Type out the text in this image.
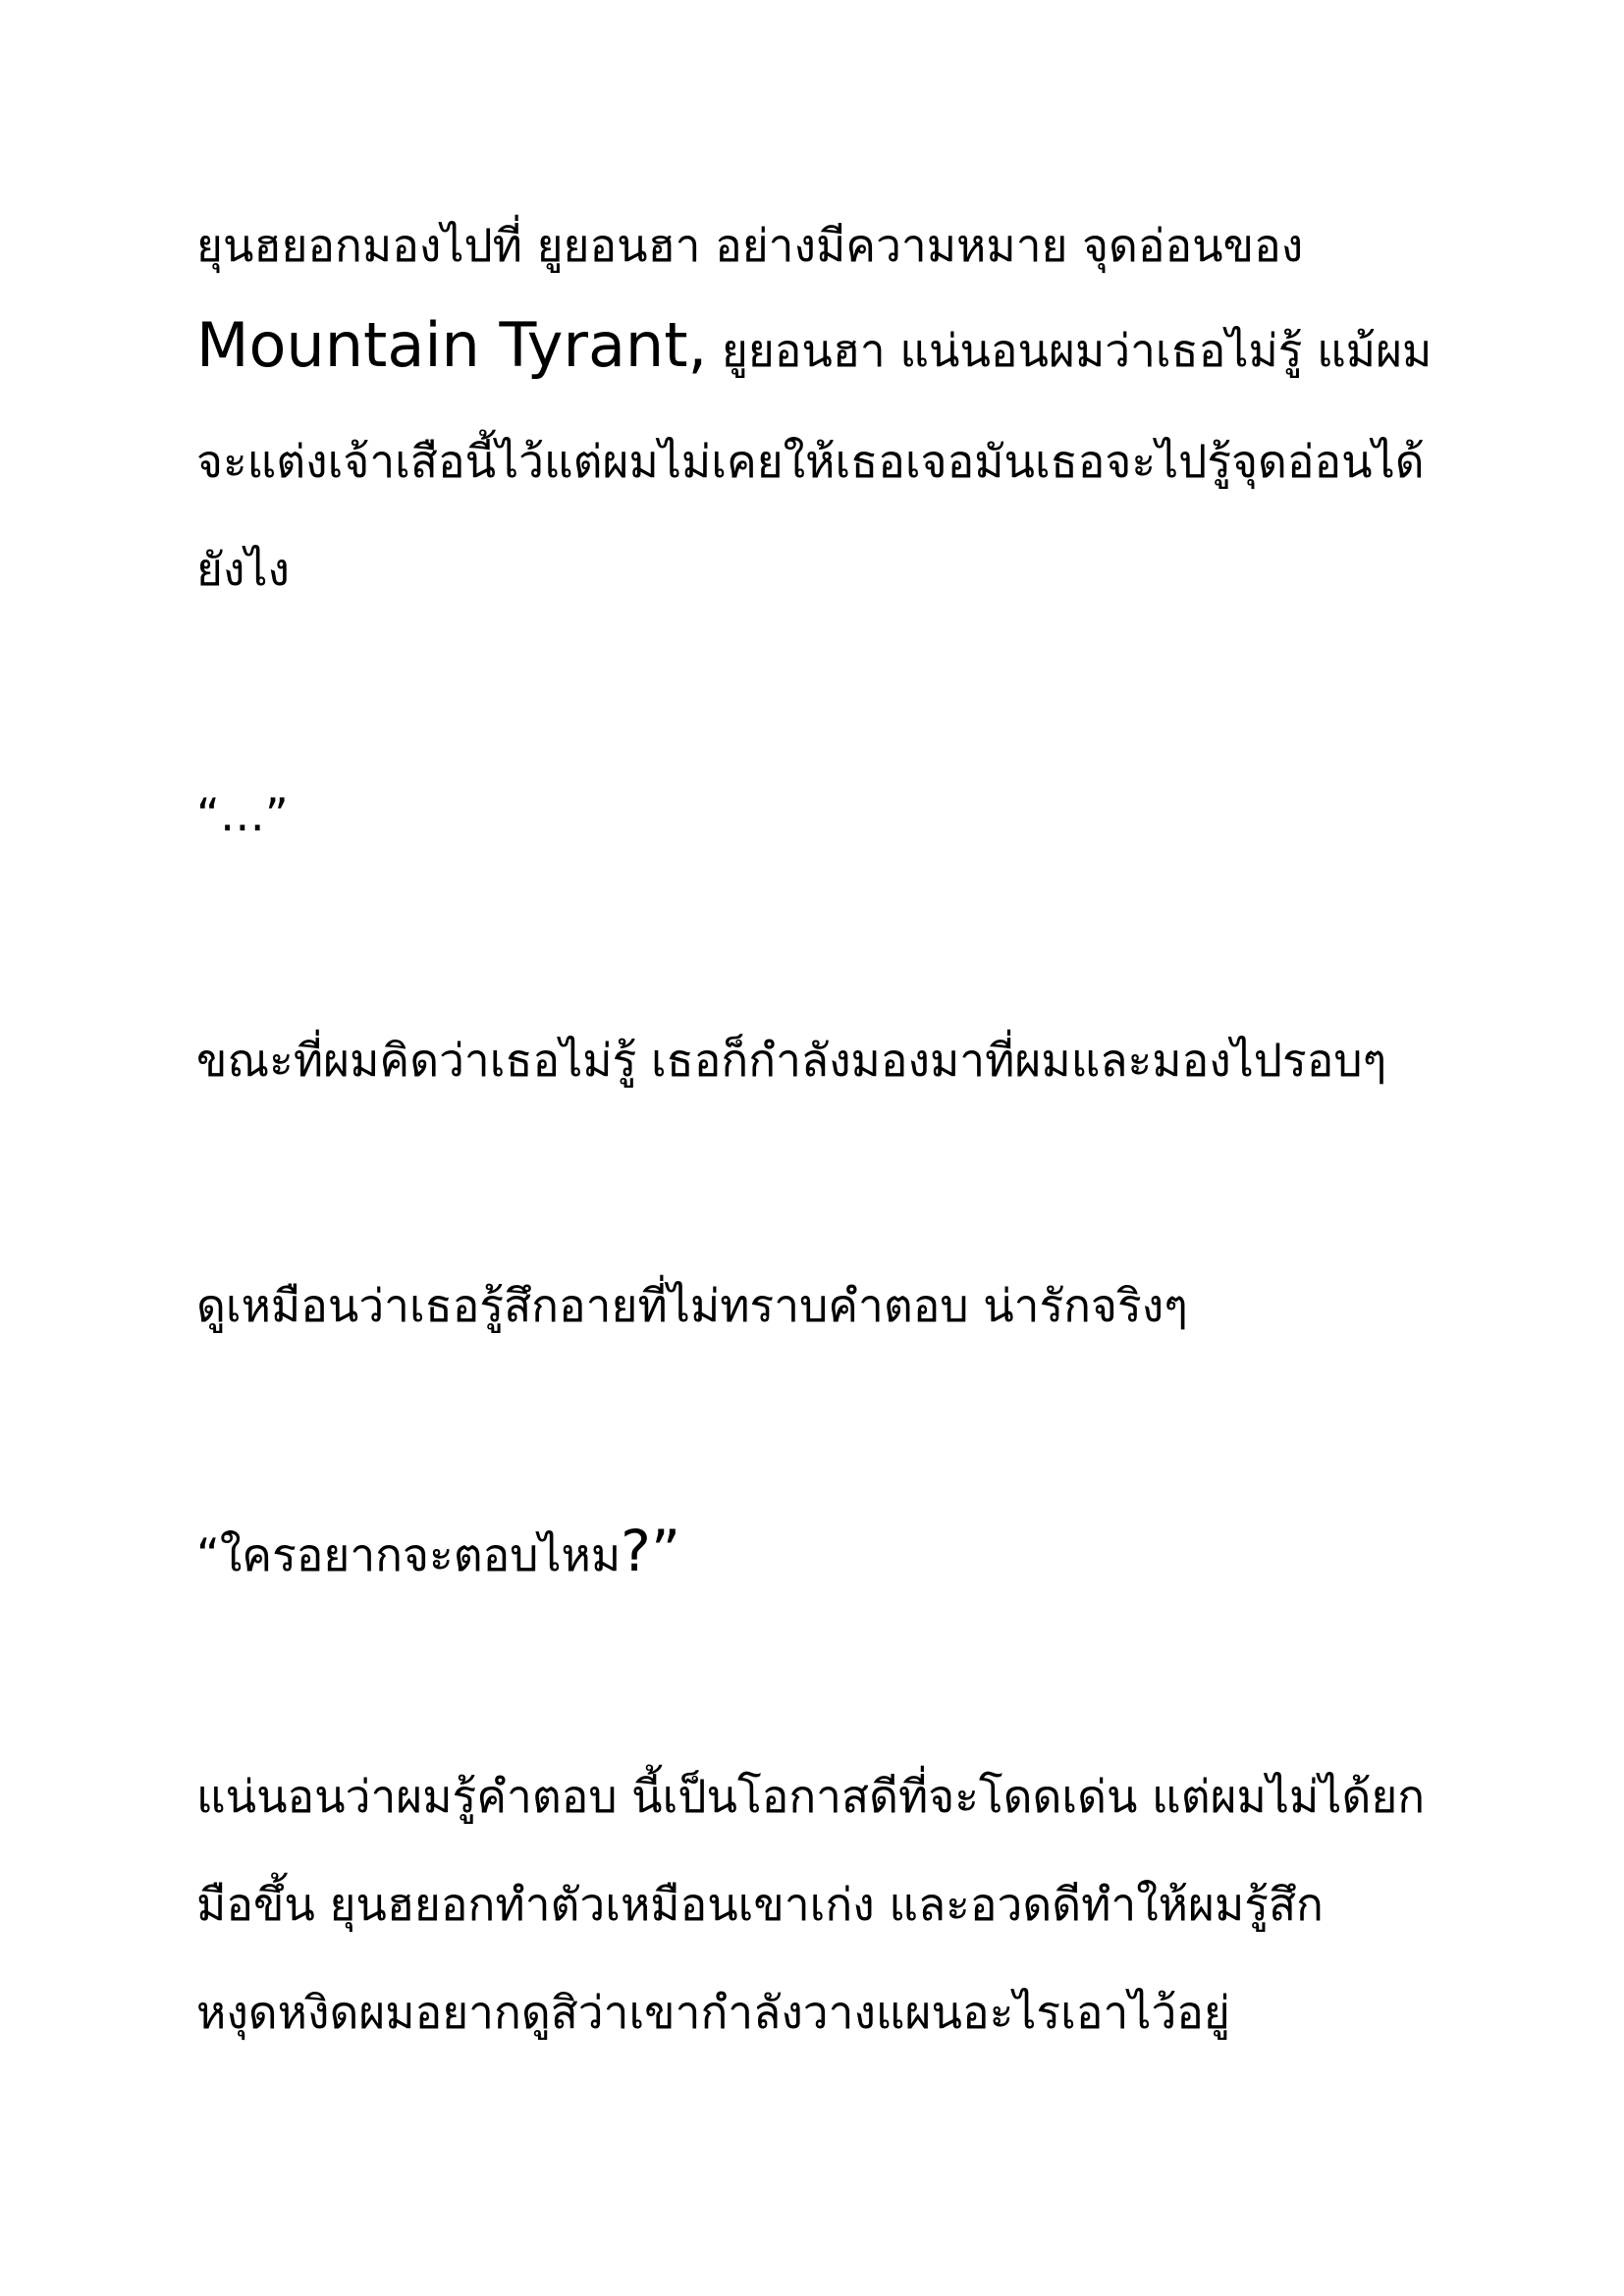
ยุนฮยอกมองไปที่ ยูยอนฮา อย่างมีความหมาย จุดอ่อนของ
Mountain Tyrant, ยูยอนฮา แน่นอนผมว่าเธอไม่รู้ แม้ผม
จะแต่งเจ้าเสือนี้ไว้แต่ผมไม่เคยให้เธอเจอมันเธอจะไปรู้จุดอ่อนได้
ยังไง
“…”
ขณะที่ผมคิดว่าเธอไม่รู้ เธอก็กำลังมองมาที่ผมและมองไปรอบๆ
ดูเหมือนว่าเธอรู้สึกอายที่ไม่ทราบคำตอบ น่ารักจริงๆ
“ใครอยากจะตอบไหม?”
แน่นอนว่าผมรู้คำตอบ นี้เป็นโอกาสดีที่จะโดดเด่น แต่ผมไม่ได้ยก
มือขึ้น ยุนฮยอกทำตัวเหมือนเขาเก่ง และอวดดีทำให้ผมรู้สึก
หงุดหงิดผมอยากดูสิว่าเขากำลังวางแผนอะไรเอาไว้อยู่
